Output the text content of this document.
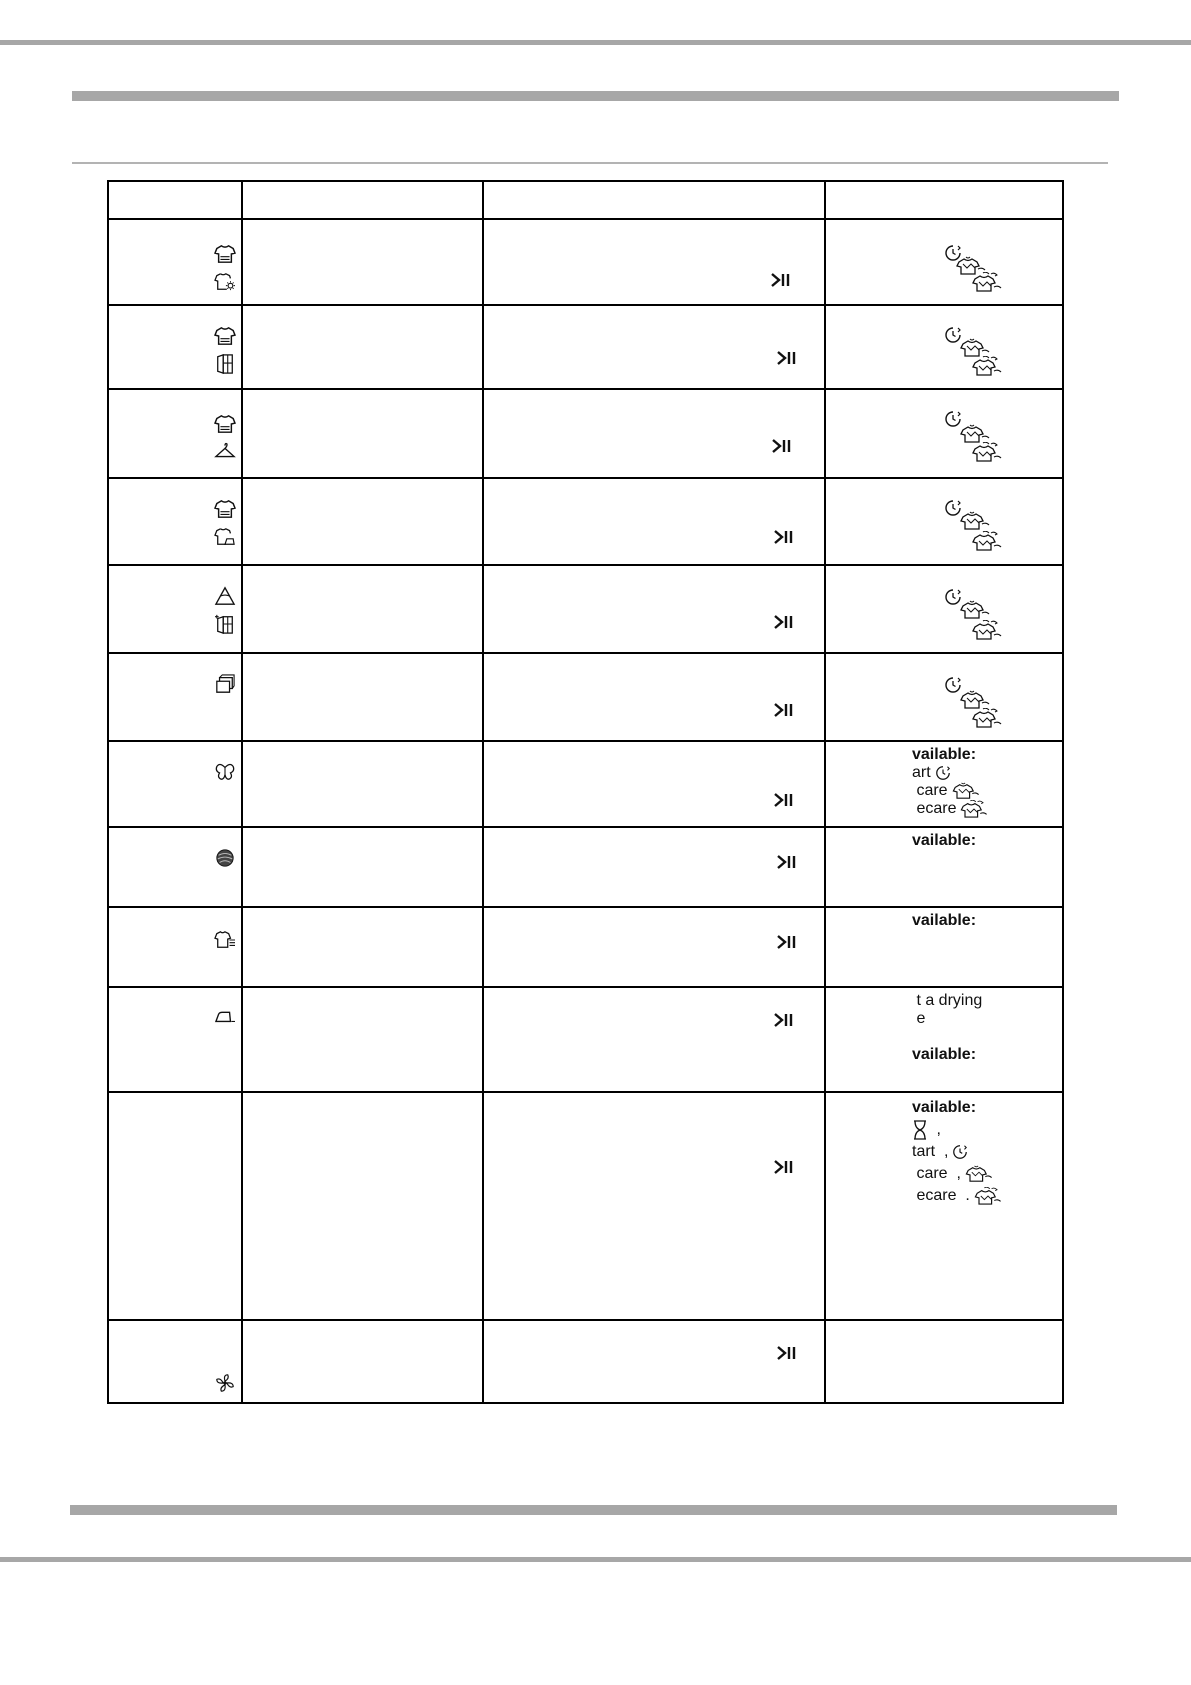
vailable:
art
care
ecare

vailable:

vailable:

t a drying
e
vailable:

vailable:
,
tart  ,
care  ,
ecare  .
